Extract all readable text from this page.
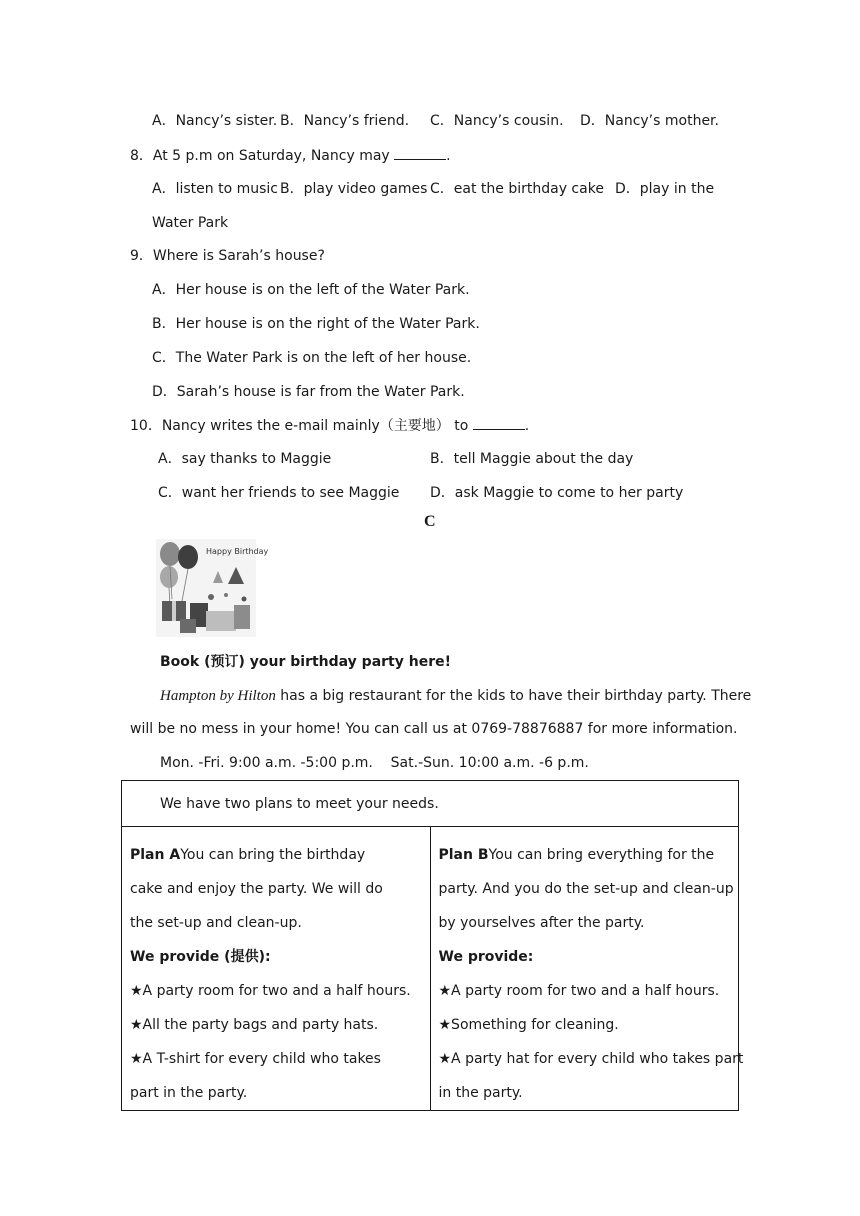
A．Nancy’s sister. B．Nancy’s friend. C．Nancy’s cousin. D．Nancy’s mother.
8．At 5 p.m on Saturday, Nancy may	.
A．listen to music B．play video games C．eat the birthday cake D．play in the
Water Park
9．Where is Sarah’s house?
A．Her house is on the left of the Water Park.
B．Her house is on the right of the Water Park.
C．The Water Park is on the left of her house.
D．Sarah’s house is far from the Water Park.
10．Nancy writes the e-mail mainly（主要地） to	.
A．say thanks to Maggie	B．tell Maggie about the day
C．want her friends to see Maggie D．ask Maggie to come to her party
C
Happy Birthday
Book (预订) your birthday party here!
Hampton by Hilton has a big restaurant for the kids to have their birthday party. There
will be no mess in your home! You can call us at 0769-78876887 for more information.
Mon. -Fri. 9:00 a.m. -5:00 p.m.    Sat.-Sun. 10:00 a.m. -6 p.m.
We have two plans to meet your needs.

Plan AYou can bring the birthday cake and enjoy the party. We will do the set-up and clean-up.
We provide (提供):
★A party room for two and a half hours.
★All the party bags and party hats.
★A T-shirt for every child who takes part in the party.

Plan BYou can bring everything for the party. And you do the set-up and clean-up by yourselves after the party.
We provide:
★A party room for two and a half hours.
★Something for cleaning.
★A party hat for every child who takes part in the party.
